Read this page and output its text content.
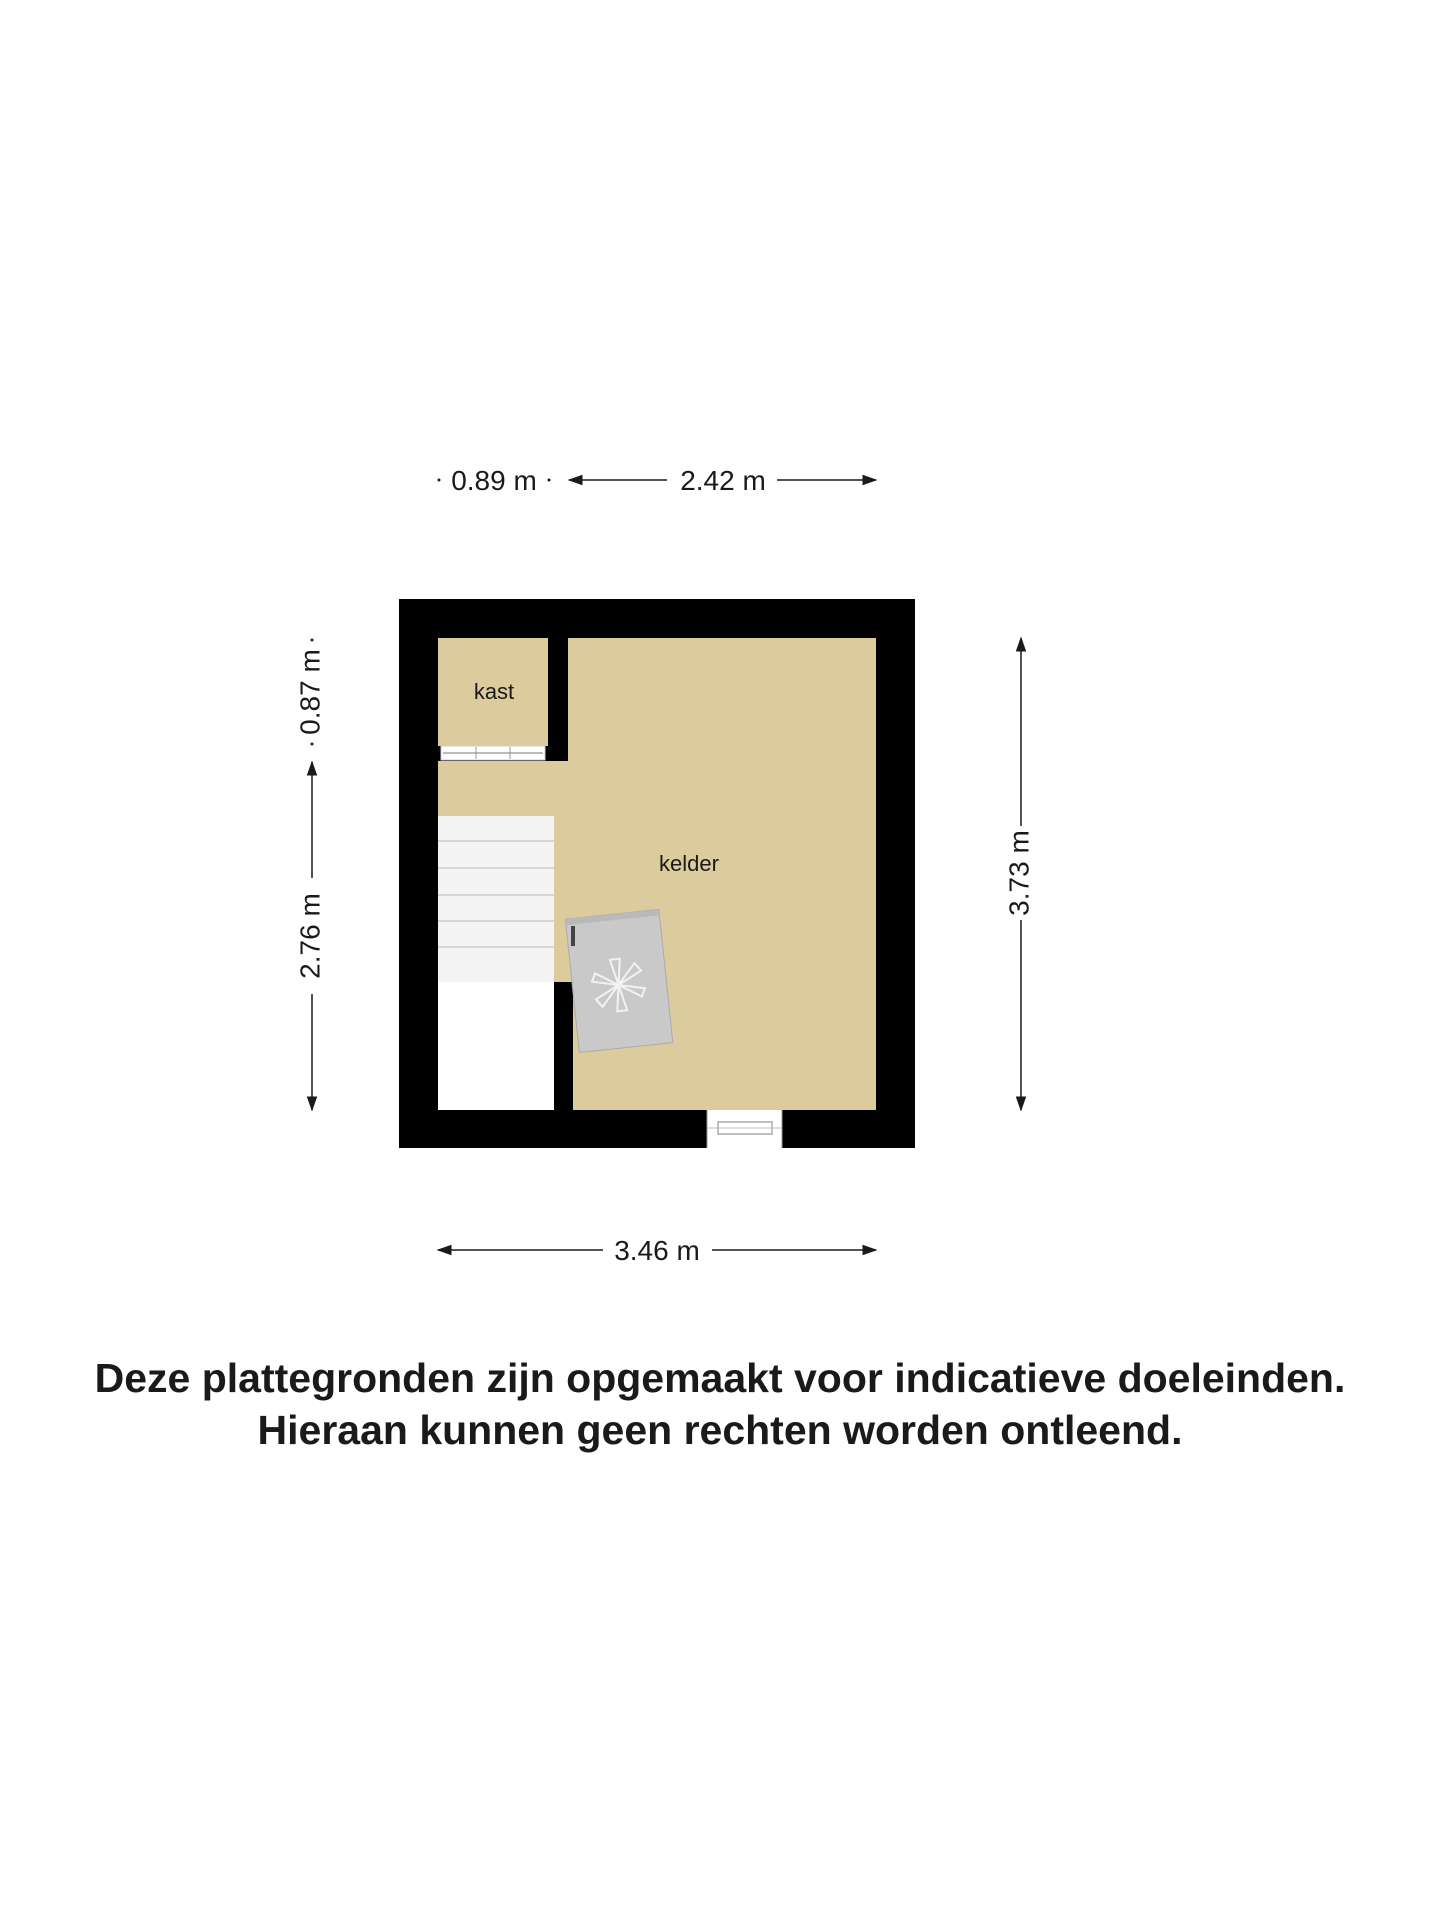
kast
kelder
0.89 m	2.42 m
3.46 m
3.73 m
0.87 m
2.76 m
Deze plattegronden zijn opgemaakt voor indicatieve doeleinden.
Hieraan kunnen geen rechten worden ontleend.
